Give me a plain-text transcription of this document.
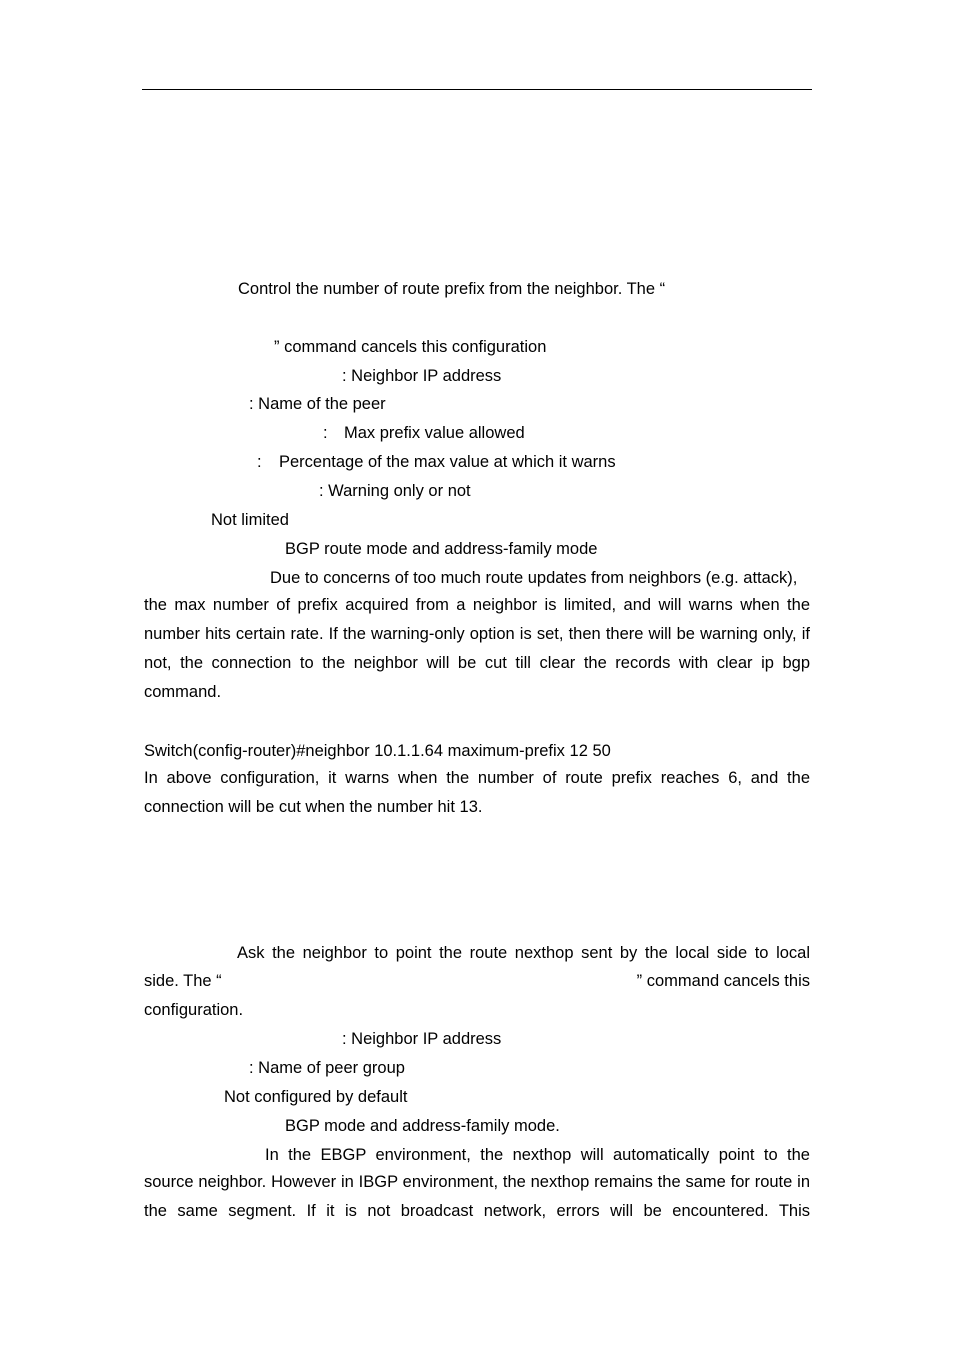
Control the number of route prefix from the neighbor. The “
” command cancels this configuration
: Neighbor IP address
: Name of the peer
: Max prefix value allowed
: Percentage of the max value at which it warns
: Warning only or not
Not limited
BGP route mode and address-family mode
Due to concerns of too much route updates from neighbors (e.g. attack),
the max number of prefix acquired from a neighbor is limited, and will warns when the number hits certain rate. If the warning-only option is set, then there will be warning only, if not, the connection to the neighbor will be cut till clear the records with clear ip bgp command.
Switch(config-router)#neighbor 10.1.1.64 maximum-prefix 12 50
In above configuration, it warns when the number of route prefix reaches 6, and the connection will be cut when the number hit 13.
Ask the neighbor to point the route nexthop sent by the local side to local
side. The “	” command cancels this
configuration.
: Neighbor IP address
: Name of peer group
Not configured by default
BGP mode and address-family mode.
In the EBGP environment, the nexthop will automatically point to the
source neighbor. However in IBGP environment, the nexthop remains the same for route in the same segment. If it is not broadcast network, errors will be encountered. This
